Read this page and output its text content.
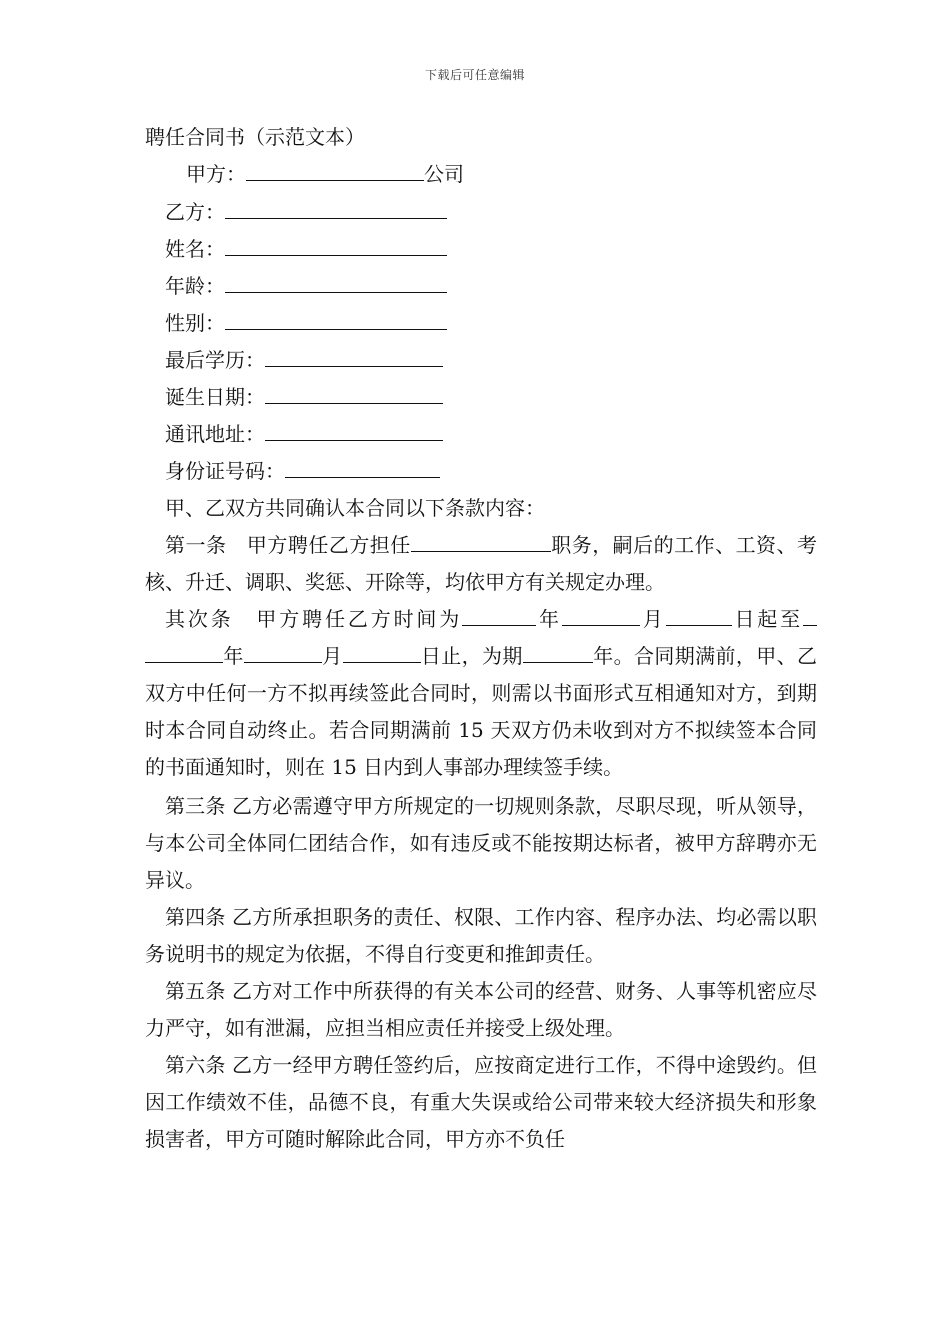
下载后可任意编辑
聘任合同书（示范文本）
甲方：	公司
乙方：
姓名：
年龄：
性别：
最后学历：
诞生日期：
通讯地址：
身份证号码：

甲、乙双方共同确认本合同以下条款内容：

第一条　甲方聘任乙方担任	职务，嗣后的工作、工资、考核、升迁、调职、奖惩、开除等，均依甲方有关规定办理。

其次条　甲方聘任乙方时间为	年	月	日起至年	月	日止，为期	年。合同期满前，甲、乙双方中任何一方不拟再续签此合同时，则需以书面形式互相通知对方，到期时本合同自动终止。若合同期满前 15 天双方仍未收到对方不拟续签本合同的书面通知时，则在 15 日内到人事部办理续签手续。

第三条 乙方必需遵守甲方所规定的一切规则条款，尽职尽现，听从领导，与本公司全体同仁团结合作，如有违反或不能按期达标者，被甲方辞聘亦无异议。

第四条 乙方所承担职务的责任、权限、工作内容、程序办法、均必需以职务说明书的规定为依据，不得自行变更和推卸责任。

第五条 乙方对工作中所获得的有关本公司的经营、财务、人事等机密应尽力严守，如有泄漏，应担当相应责任并接受上级处理。

第六条 乙方一经甲方聘任签约后，应按商定进行工作，不得中途毁约。但因工作绩效不佳，品德不良，有重大失误或给公司带来较大经济损失和形象损害者，甲方可随时解除此合同，甲方亦不负任
